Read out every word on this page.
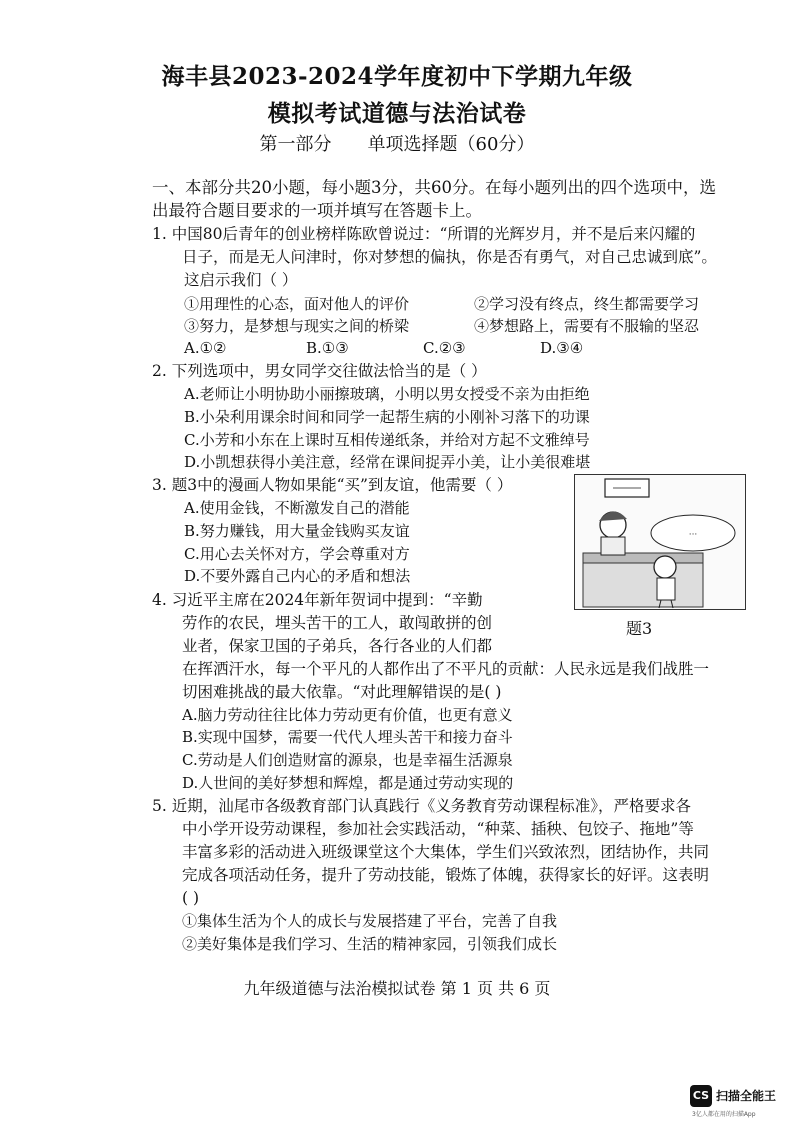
海丰县2023-2024学年度初中下学期九年级
模拟考试道德与法治试卷
第一部分 单项选择题（60分）
一、本部分共20小题，每小题3分，共60分。在每小题列出的四个选项中，选
出最符合题目要求的一项并填写在答题卡上。
1. 中国80后青年的创业榜样陈欧曾说过：“所谓的光辉岁月，并不是后来闪耀的
日子，而是无人问津时，你对梦想的偏执，你是否有勇气，对自己忠诚到底”。
这启示我们（ ）
①用理性的心态，面对他人的评价	②学习没有终点，终生都需要学习
③努力，是梦想与现实之间的桥梁	④梦想路上，需要有不服输的坚忍
A.①②	B.①③	C.②③	D.③④
2. 下列选项中，男女同学交往做法恰当的是（ ）
A.老师让小明协助小丽擦玻璃，小明以男女授受不亲为由拒绝
B.小朵利用课余时间和同学一起帮生病的小刚补习落下的功课
C.小芳和小东在上课时互相传递纸条，并给对方起不文雅绰号
D.小凯想获得小美注意，经常在课间捉弄小美，让小美很难堪
3. 题3中的漫画人物如果能“买”到友谊，他需要（ ）
A.使用金钱，不断激发自己的潜能
B.努力赚钱，用大量金钱购买友谊
C.用心去关怀对方，学会尊重对方
D.不要外露自己内心的矛盾和想法
···
题3
4. 习近平主席在2024年新年贺词中提到：“辛勤
劳作的农民，埋头苦干的工人，敢闯敢拼的创
业者，保家卫国的子弟兵，各行各业的人们都
在挥洒汗水，每一个平凡的人都作出了不平凡的贡献：人民永远是我们战胜一
切困难挑战的最大依靠。“对此理解错误的是( )
A.脑力劳动往往比体力劳动更有价值，也更有意义
B.实现中国梦，需要一代代人埋头苦干和接力奋斗
C.劳动是人们创造财富的源泉，也是幸福生活源泉
D.人世间的美好梦想和辉煌，都是通过劳动实现的
5. 近期，汕尾市各级教育部门认真践行《义务教育劳动课程标准》，严格要求各
中小学开设劳动课程，参加社会实践活动，“种菜、插秧、包饺子、拖地”等
丰富多彩的活动进入班级课堂这个大集体，学生们兴致浓烈，团结协作，共同
完成各项活动任务，提升了劳动技能，锻炼了体魄，获得家长的好评。这表明
( )
①集体生活为个人的成长与发展搭建了平台，完善了自我
②美好集体是我们学习、生活的精神家园，引领我们成长
九年级道德与法治模拟试卷 第 1 页 共 6 页
CS 扫描全能王
3亿人都在用的扫描App
